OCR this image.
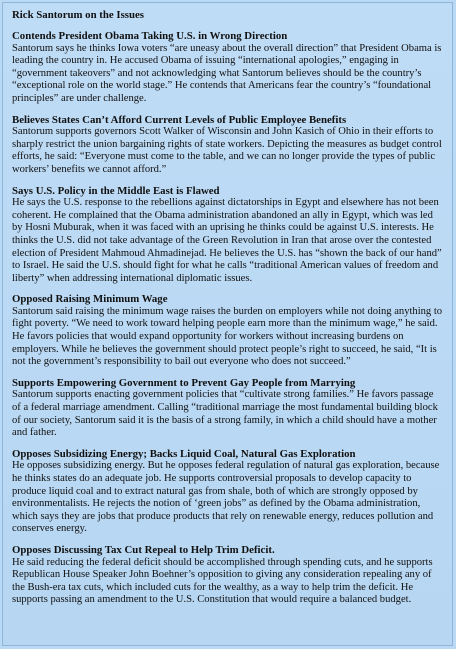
Rick Santorum on the Issues
Contends President Obama Taking U.S. in Wrong Direction
Santorum says he thinks Iowa voters “are uneasy about the overall direction” that President Obama is leading the country in. He accused Obama of issuing “international apologies,” engaging in “government takeovers” and not acknowledging what Santorum believes should be the country’s “exceptional role on the world stage.” He contends that Americans fear the country’s “foundational principles” are under challenge.
Believes States Can’t Afford Current Levels of Public Employee Benefits
Santorum supports governors Scott Walker of Wisconsin and John Kasich of Ohio in their efforts to sharply restrict the union bargaining rights of state workers. Depicting the measures as budget control efforts, he said: “Everyone must come to the table, and we can no longer provide the types of public workers’ benefits we cannot afford.”
Says U.S. Policy in the Middle East is Flawed
He says the U.S. response to the rebellions against dictatorships in Egypt and elsewhere has not been coherent. He complained that the Obama administration abandoned an ally in Egypt, which was led by Hosni Muburak, when it was faced with an uprising he thinks could be against U.S. interests. He thinks the U.S. did not take advantage of the Green Revolution in Iran that arose over the contested election of President Mahmoud Ahmadinejad. He believes the U.S. has “shown the back of our hand” to Israel. He said the U.S. should fight for what he calls “traditional American values of freedom and liberty” when addressing international diplomatic issues.
Opposed Raising Minimum Wage
Santorum said raising the minimum wage raises the burden on employers while not doing anything to fight poverty. “We need to work toward helping people earn more than the minimum wage,” he said. He favors policies that would expand opportunity for workers without increasing burdens on employers. While he believes the government should protect people’s right to succeed, he said, “It is not the government’s responsibility to bail out everyone who does not succeed.”
Supports Empowering Government to Prevent Gay People from Marrying
Santorum supports enacting government policies that “cultivate strong families.” He favors passage of a federal marriage amendment. Calling “traditional marriage the most fundamental building block of our society, Santorum said it is the basis of a strong family, in which a child should have a mother and father.
Opposes Subsidizing Energy; Backs Liquid Coal, Natural Gas Exploration
He opposes subsidizing energy. But he opposes federal regulation of natural gas exploration, because he thinks states do an adequate job. He supports controversial proposals to develop capacity to produce liquid coal and to extract natural gas from shale, both of which are strongly opposed by environmentalists. He rejects the notion of ‘green jobs” as defined by the Obama administration, which says they are jobs that produce products that rely on renewable energy, reduces pollution and conserves energy.
Opposes Discussing Tax Cut Repeal to Help Trim Deficit.
He said reducing the federal deficit should be accomplished through spending cuts, and he supports Republican House Speaker John Boehner’s opposition to giving any consideration repealing any of the Bush-era tax cuts, which included cuts for the wealthy, as a way to help trim the deficit. He supports passing an amendment to the U.S. Constitution that would require a balanced budget.
